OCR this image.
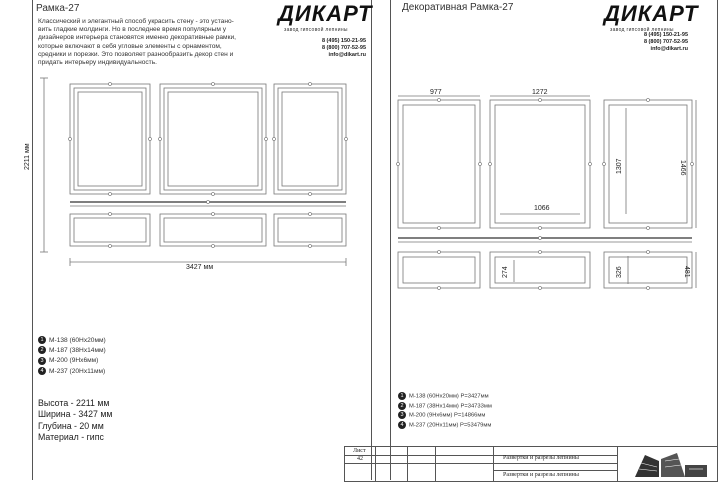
Рамка-27	ДИКАРТ
завод гипсовой лепнины
8 (495) 150-21-95
8 (800) 707-52-95
info@dikart.ru
Классический и элегантный способ украсить стену - это устано-
вить гладкие молдинги. Но в последнее время популярным у
дизайнеров интерьера становятся именно декоративные рамки,
которые включают в себя угловые элементы с орнаментом,
средники и порезки. Это позволяет разнообразить декор стен и
придать интерьеру индивидуальность.
2211 мм
3427 мм
1 М-138 (60Нх20мм)
2 М-187 (38Нх14мм)
3 М-200 (9Нх6мм)
4 М-237 (20Нх11мм)
Высота - 2211 мм
Ширина - 3427 мм
Глубина - 20 мм
Материал - гипс
Декоративная Рамка-27	ДИКАРТ
завод гипсовой лепнины
8 (495) 150-21-95
8 (800) 707-52-95
info@dikart.ru
977	1272
1066
1307	1466
274	326	481
1 М-138 (60Нх20мм) P=3427мм
2 М-187 (38Нх14мм) P=34733мм
3 М-200 (9Нх6мм) P=14866мм
4 М-237 (20Нх11мм) P=53479мм
Лист
42	Развертки и разрезы лепнины
Развертки и разрезы лепнины
